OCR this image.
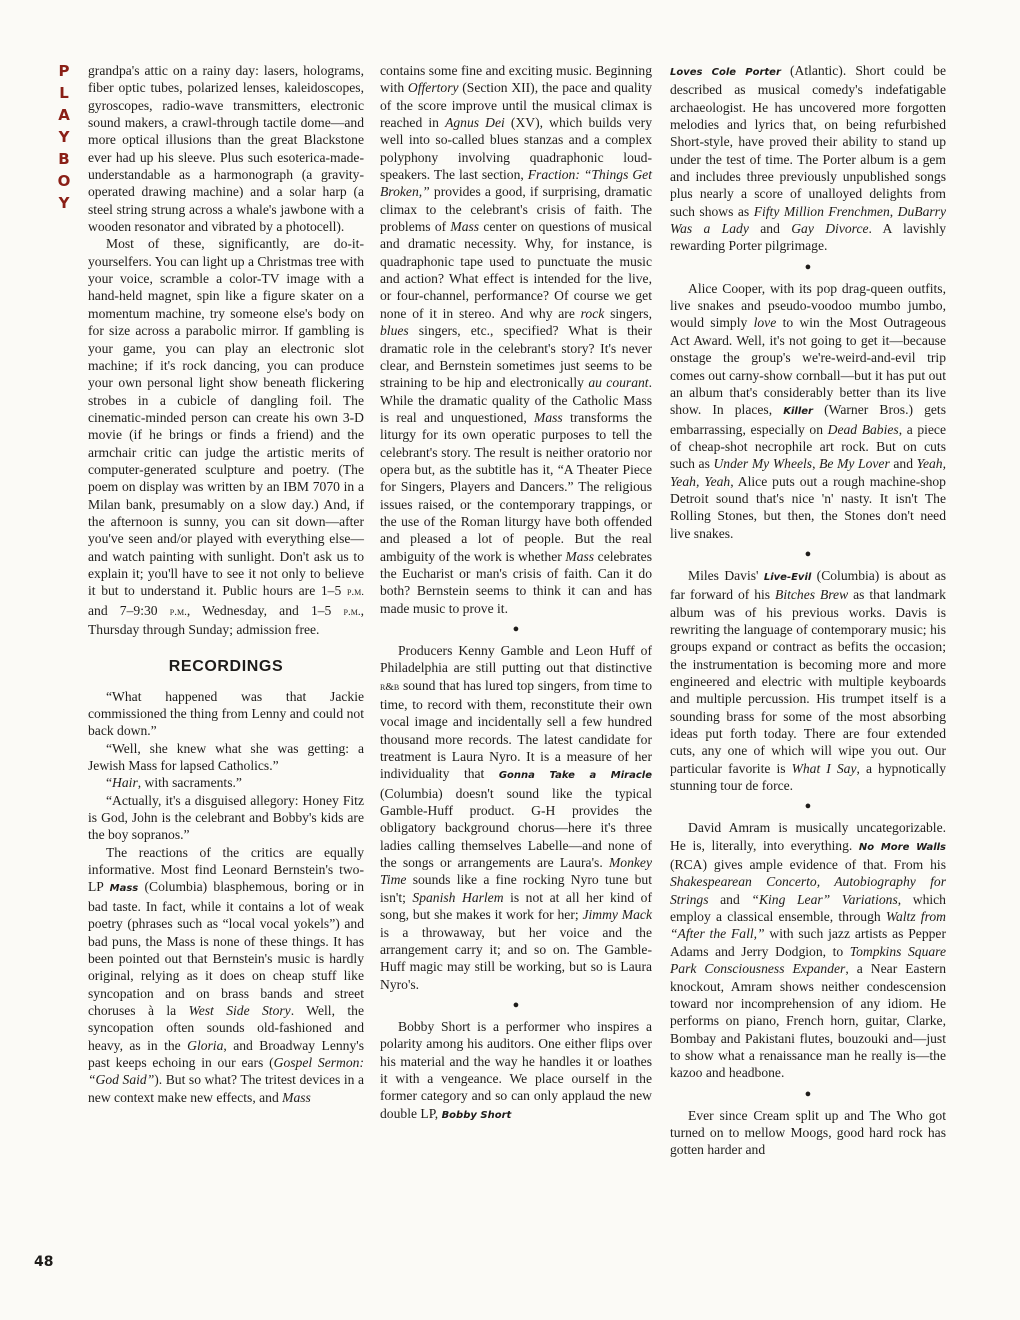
P
L
A
Y
B
O
Y
48

grandpa's attic on a rainy day: lasers, holograms, fiber optic tubes, polarized lenses, kaleidoscopes, gyroscopes, radio-wave transmitters, electronic sound makers, a crawl-through tactile dome—and more optical illusions than the great Blackstone ever had up his sleeve. Plus such esoterica-made-understandable as a harmonograph (a gravity-operated drawing machine) and a solar harp (a steel string strung across a whale's jawbone with a wooden resonator and vibrated by a photocell).

Most of these, significantly, are do-it-yourselfers. You can light up a Christmas tree with your voice, scramble a color-TV image with a hand-held magnet, spin like a figure skater on a momentum machine, try someone else's body on for size across a parabolic mirror. If gambling is your game, you can play an electronic slot machine; if it's rock dancing, you can produce your own personal light show beneath flickering strobes in a cubicle of dangling foil. The cinematic-minded person can create his own 3-D movie (if he brings or finds a friend) and the armchair critic can judge the artistic merits of computer-generated sculpture and poetry. (The poem on display was written by an IBM 7070 in a Milan bank, presumably on a slow day.) And, if the afternoon is sunny, you can sit down—after you've seen and/or played with everything else—and watch painting with sunlight. Don't ask us to explain it; you'll have to see it not only to believe it but to understand it. Public hours are 1–5 p.m. and 7–9:30 p.m., Wednesday, and 1–5 p.m., Thursday through Sunday; admission free.

RECORDINGS

“What happened was that Jackie commissioned the thing from Lenny and could not back down.”

“Well, she knew what she was getting: a Jewish Mass for lapsed Catholics.”

“Hair, with sacraments.”

“Actually, it's a disguised allegory: Honey Fitz is God, John is the celebrant and Bobby's kids are the boy sopranos.”

The reactions of the critics are equally informative. Most find Leonard Bernstein's two-LP Mass (Columbia) blasphemous, boring or in bad taste. In fact, while it contains a lot of weak poetry (phrases such as “local vocal yokels”) and bad puns, the Mass is none of these things. It has been pointed out that Bernstein's music is hardly original, relying as it does on cheap stuff like syncopation and on brass bands and street choruses à la West Side Story. Well, the syncopation often sounds old-fashioned and heavy, as in the Gloria, and Broadway Lenny's past keeps echoing in our ears (Gospel Sermon: “God Said”). But so what? The tritest devices in a new context make new effects, and Mass

contains some fine and exciting music. Beginning with Offertory (Section XII), the pace and quality of the score improve until the musical climax is reached in Agnus Dei (XV), which builds very well into so-called blues stanzas and a complex polyphony involving quadraphonic loud-speakers. The last section, Fraction: “Things Get Broken,” provides a good, if surprising, dramatic climax to the celebrant's crisis of faith. The problems of Mass center on questions of musical and dramatic necessity. Why, for instance, is quadraphonic tape used to punctuate the music and action? What effect is intended for the live, or four-channel, performance? Of course we get none of it in stereo. And why are rock singers, blues singers, etc., specified? What is their dramatic role in the celebrant's story? It's never clear, and Bernstein sometimes just seems to be straining to be hip and electronically au courant. While the dramatic quality of the Catholic Mass is real and unquestioned, Mass transforms the liturgy for its own operatic purposes to tell the celebrant's story. The result is neither oratorio nor opera but, as the subtitle has it, “A Theater Piece for Singers, Players and Dancers.” The religious issues raised, or the contemporary trappings, or the use of the Roman liturgy have both offended and pleased a lot of people. But the real ambiguity of the work is whether Mass celebrates the Eucharist or man's crisis of faith. Can it do both? Bernstein seems to think it can and has made music to prove it.

●

Producers Kenny Gamble and Leon Huff of Philadelphia are still putting out that distinctive r&b sound that has lured top singers, from time to time, to record with them, reconstitute their own vocal image and incidentally sell a few hundred thousand more records. The latest candidate for treatment is Laura Nyro. It is a measure of her individuality that Gonna Take a Miracle (Columbia) doesn't sound like the typical Gamble-Huff product. G-H provides the obligatory background chorus—here it's three ladies calling themselves Labelle—and none of the songs or arrangements are Laura's. Monkey Time sounds like a fine rocking Nyro tune but isn't; Spanish Harlem is not at all her kind of song, but she makes it work for her; Jimmy Mack is a throwaway, but her voice and the arrangement carry it; and so on. The Gamble-Huff magic may still be working, but so is Laura Nyro's.

●

Bobby Short is a performer who inspires a polarity among his auditors. One either flips over his material and the way he handles it or loathes it with a vengeance. We place ourself in the former category and so can only applaud the new double LP, Bobby Short

Loves Cole Porter (Atlantic). Short could be described as musical comedy's indefatigable archaeologist. He has uncovered more forgotten melodies and lyrics that, on being refurbished Short-style, have proved their ability to stand up under the test of time. The Porter album is a gem and includes three previously unpublished songs plus nearly a score of unalloyed delights from such shows as Fifty Million Frenchmen, DuBarry Was a Lady and Gay Divorce. A lavishly rewarding Porter pilgrimage.

●

Alice Cooper, with its pop drag-queen outfits, live snakes and pseudo-voodoo mumbo jumbo, would simply love to win the Most Outrageous Act Award. Well, it's not going to get it—because onstage the group's we're-weird-and-evil trip comes out carny-show cornball—but it has put out an album that's considerably better than its live show. In places, Killer (Warner Bros.) gets embarrassing, especially on Dead Babies, a piece of cheap-shot necrophile art rock. But on cuts such as Under My Wheels, Be My Lover and Yeah, Yeah, Yeah, Alice puts out a rough machine-shop Detroit sound that's nice 'n' nasty. It isn't The Rolling Stones, but then, the Stones don't need live snakes.

●

Miles Davis' Live-Evil (Columbia) is about as far forward of his Bitches Brew as that landmark album was of his previous works. Davis is rewriting the language of contemporary music; his groups expand or contract as befits the occasion; the instrumentation is becoming more and more engineered and electric with multiple keyboards and multiple percussion. His trumpet itself is a sounding brass for some of the most absorbing ideas put forth today. There are four extended cuts, any one of which will wipe you out. Our particular favorite is What I Say, a hypnotically stunning tour de force.

●

David Amram is musically uncategorizable. He is, literally, into everything. No More Walls (RCA) gives ample evidence of that. From his Shakespearean Concerto, Autobiography for Strings and “King Lear” Variations, which employ a classical ensemble, through Waltz from “After the Fall,” with such jazz artists as Pepper Adams and Jerry Dodgion, to Tompkins Square Park Consciousness Expander, a Near Eastern knockout, Amram shows neither condescension toward nor incomprehension of any idiom. He performs on piano, French horn, guitar, Clarke, Bombay and Pakistani flutes, bouzouki and—just to show what a renaissance man he really is—the kazoo and headbone.

●

Ever since Cream split up and The Who got turned on to mellow Moogs, good hard rock has gotten harder and
